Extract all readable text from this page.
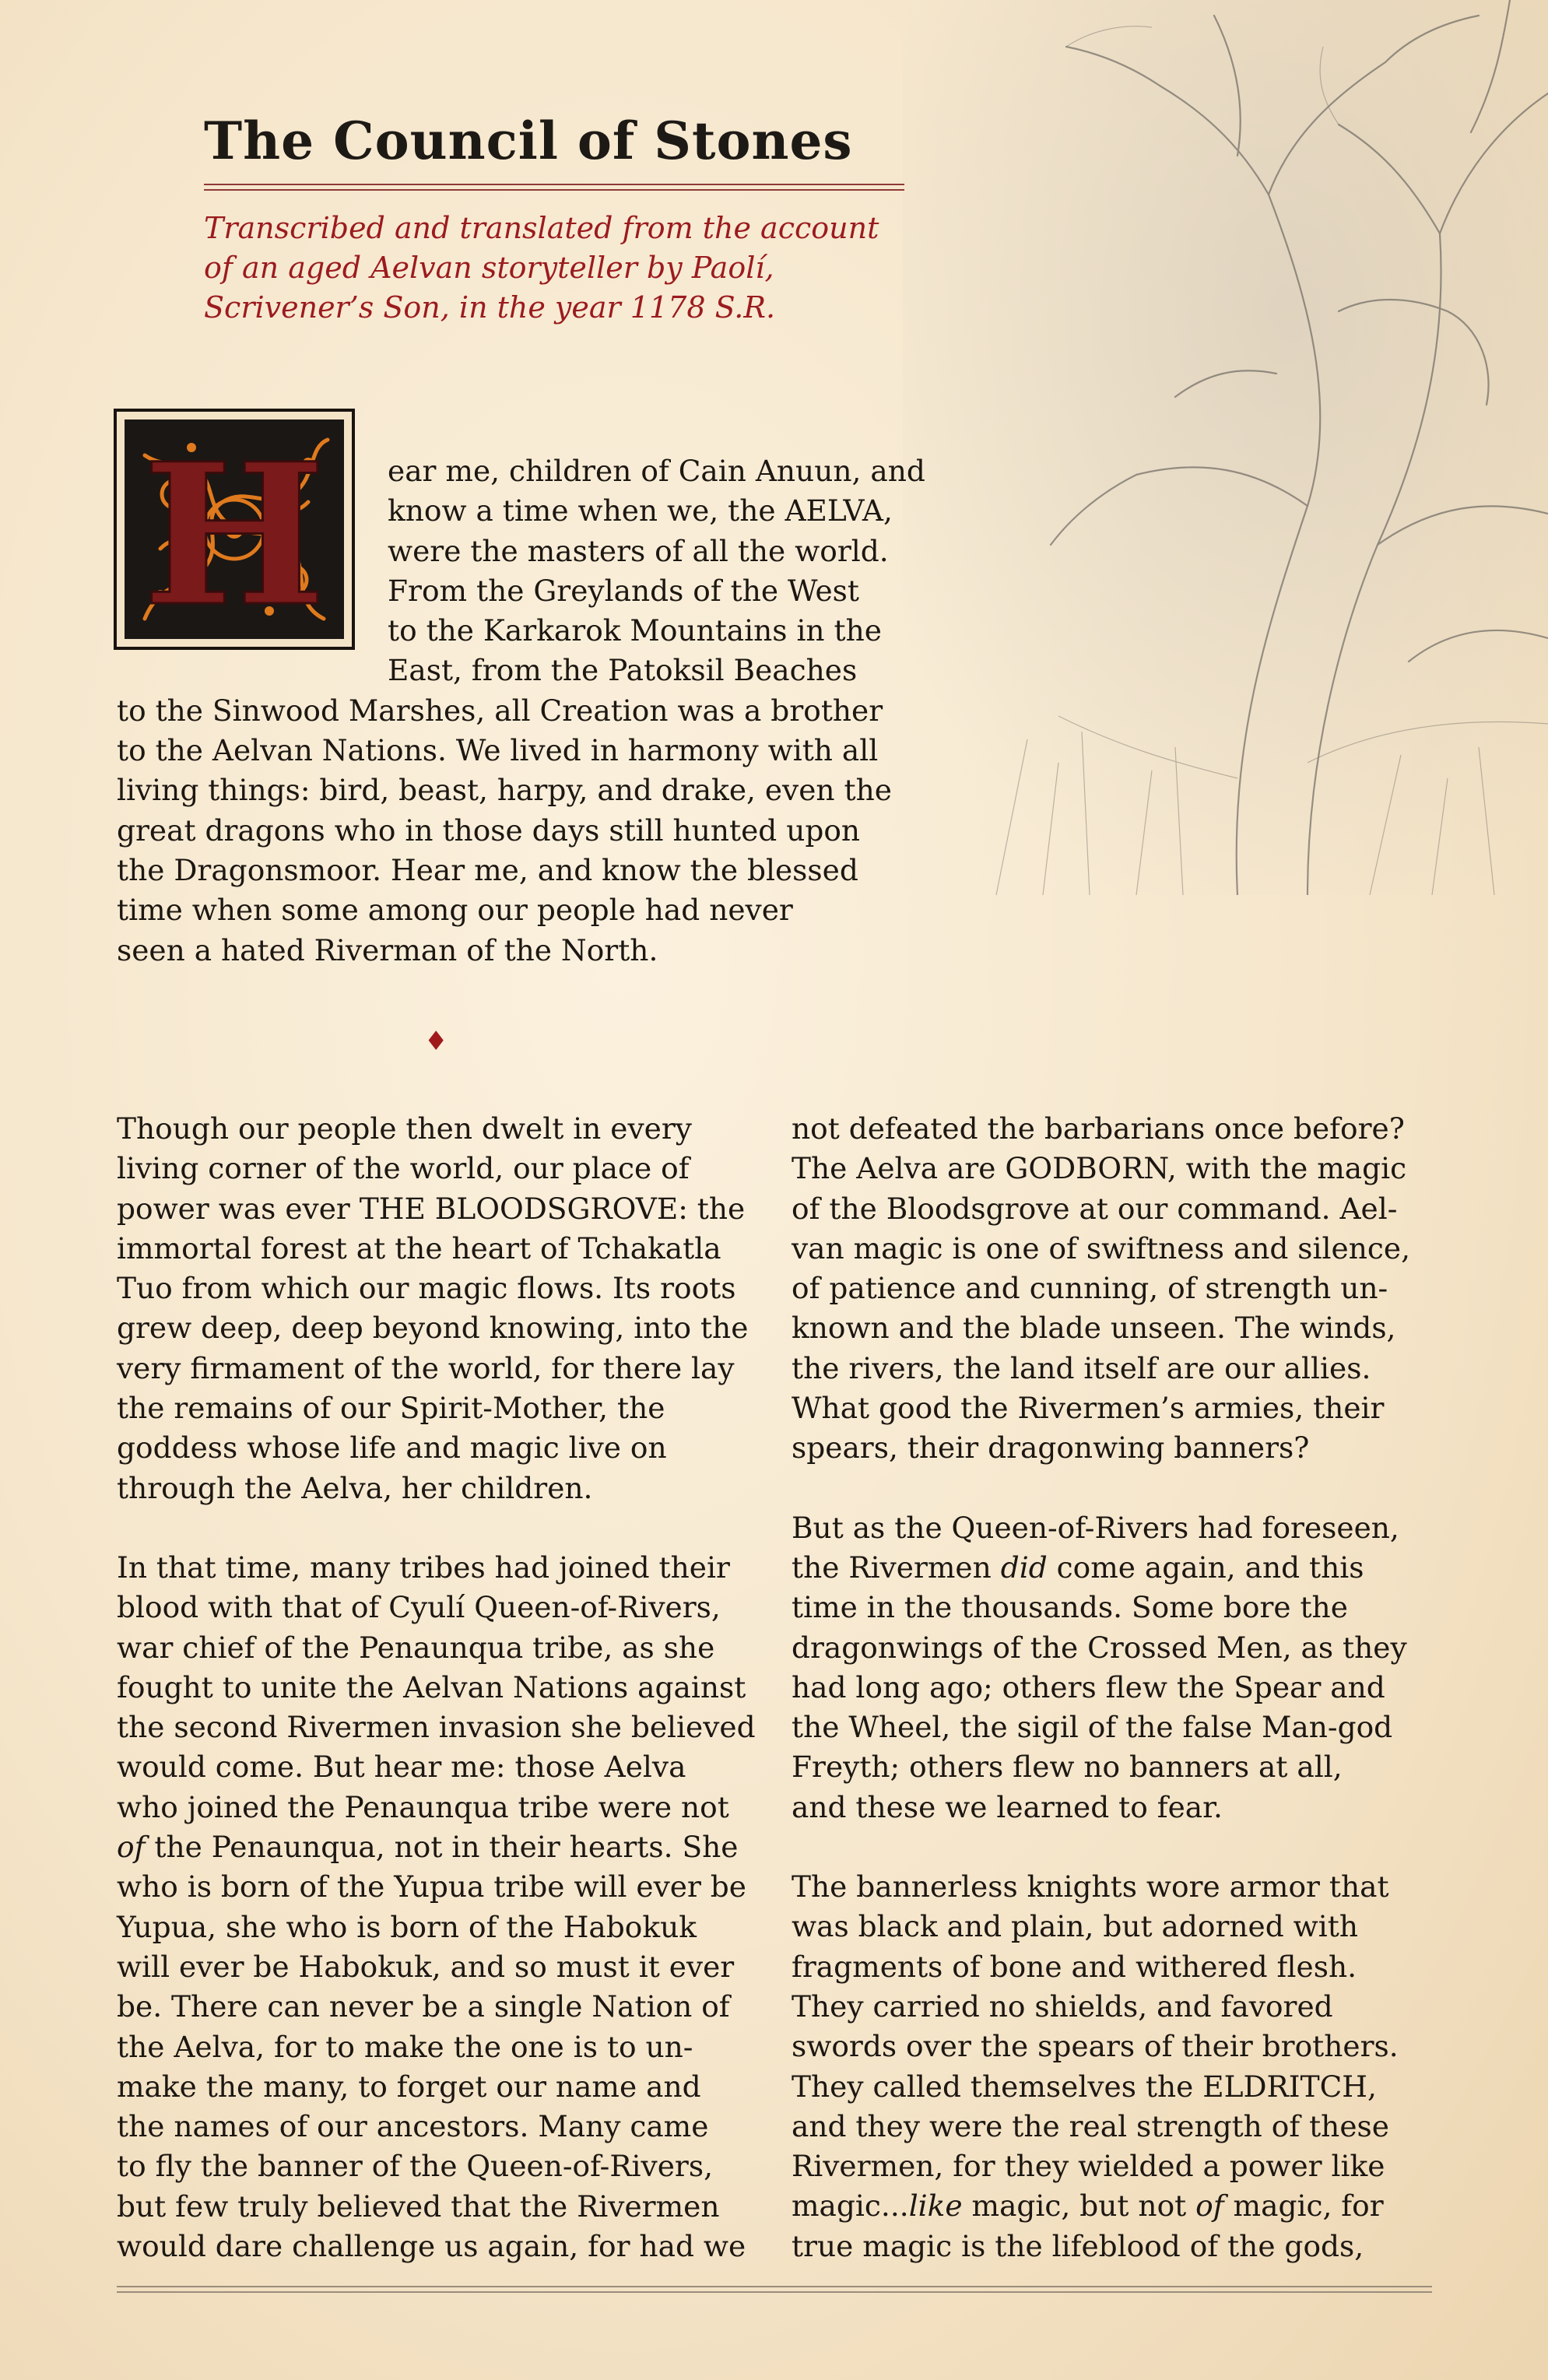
The Council of Stones
Transcribed and translated from the account
of an aged Aelvan storyteller by Paolí,
Scrivener’s Son, in the year 1178 S.R.
H	ear me, children of Cain Anuun, and
know a time when we, the AELVA,
were the masters of all the world.
From the Greylands of the West
to the Karkarok Mountains in the
East, from the Patoksil Beaches
to the Sinwood Marshes, all Creation was a brother
to the Aelvan Nations. We lived in harmony with all
living things: bird, beast, harpy, and drake, even the
great dragons who in those days still hunted upon
the Dragonsmoor. Hear me, and know the blessed
time when some among our people had never
seen a hated Riverman of the North.
♦
Though our people then dwelt in every
living corner of the world, our place of
power was ever THE BLOODSGROVE: the
immortal forest at the heart of Tchakatla
Tuo from which our magic flows. Its roots
grew deep, deep beyond knowing, into the
very firmament of the world, for there lay
the remains of our Spirit-Mother, the
goddess whose life and magic live on
through the Aelva, her children.
In that time, many tribes had joined their
blood with that of Cyulí Queen-of-Rivers,
war chief of the Penaunqua tribe, as she
fought to unite the Aelvan Nations against
the second Rivermen invasion she believed
would come. But hear me: those Aelva
who joined the Penaunqua tribe were not
of the Penaunqua, not in their hearts. She
who is born of the Yupua tribe will ever be
Yupua, she who is born of the Habokuk
will ever be Habokuk, and so must it ever
be. There can never be a single Nation of
the Aelva, for to make the one is to un-
make the many, to forget our name and
the names of our ancestors. Many came
to fly the banner of the Queen-of-Rivers,
but few truly believed that the Rivermen
would dare challenge us again, for had we
not defeated the barbarians once before?
The Aelva are GODBORN, with the magic
of the Bloodsgrove at our command. Ael-
van magic is one of swiftness and silence,
of patience and cunning, of strength un-
known and the blade unseen. The winds,
the rivers, the land itself are our allies.
What good the Rivermen’s armies, their
spears, their dragonwing banners?
But as the Queen-of-Rivers had foreseen,
the Rivermen did come again, and this
time in the thousands. Some bore the
dragonwings of the Crossed Men, as they
had long ago; others flew the Spear and
the Wheel, the sigil of the false Man-god
Freyth; others flew no banners at all,
and these we learned to fear.
The bannerless knights wore armor that
was black and plain, but adorned with
fragments of bone and withered flesh.
They carried no shields, and favored
swords over the spears of their brothers.
They called themselves the ELDRITCH,
and they were the real strength of these
Rivermen, for they wielded a power like
magic...like magic, but not of magic, for
true magic is the lifeblood of the gods,
